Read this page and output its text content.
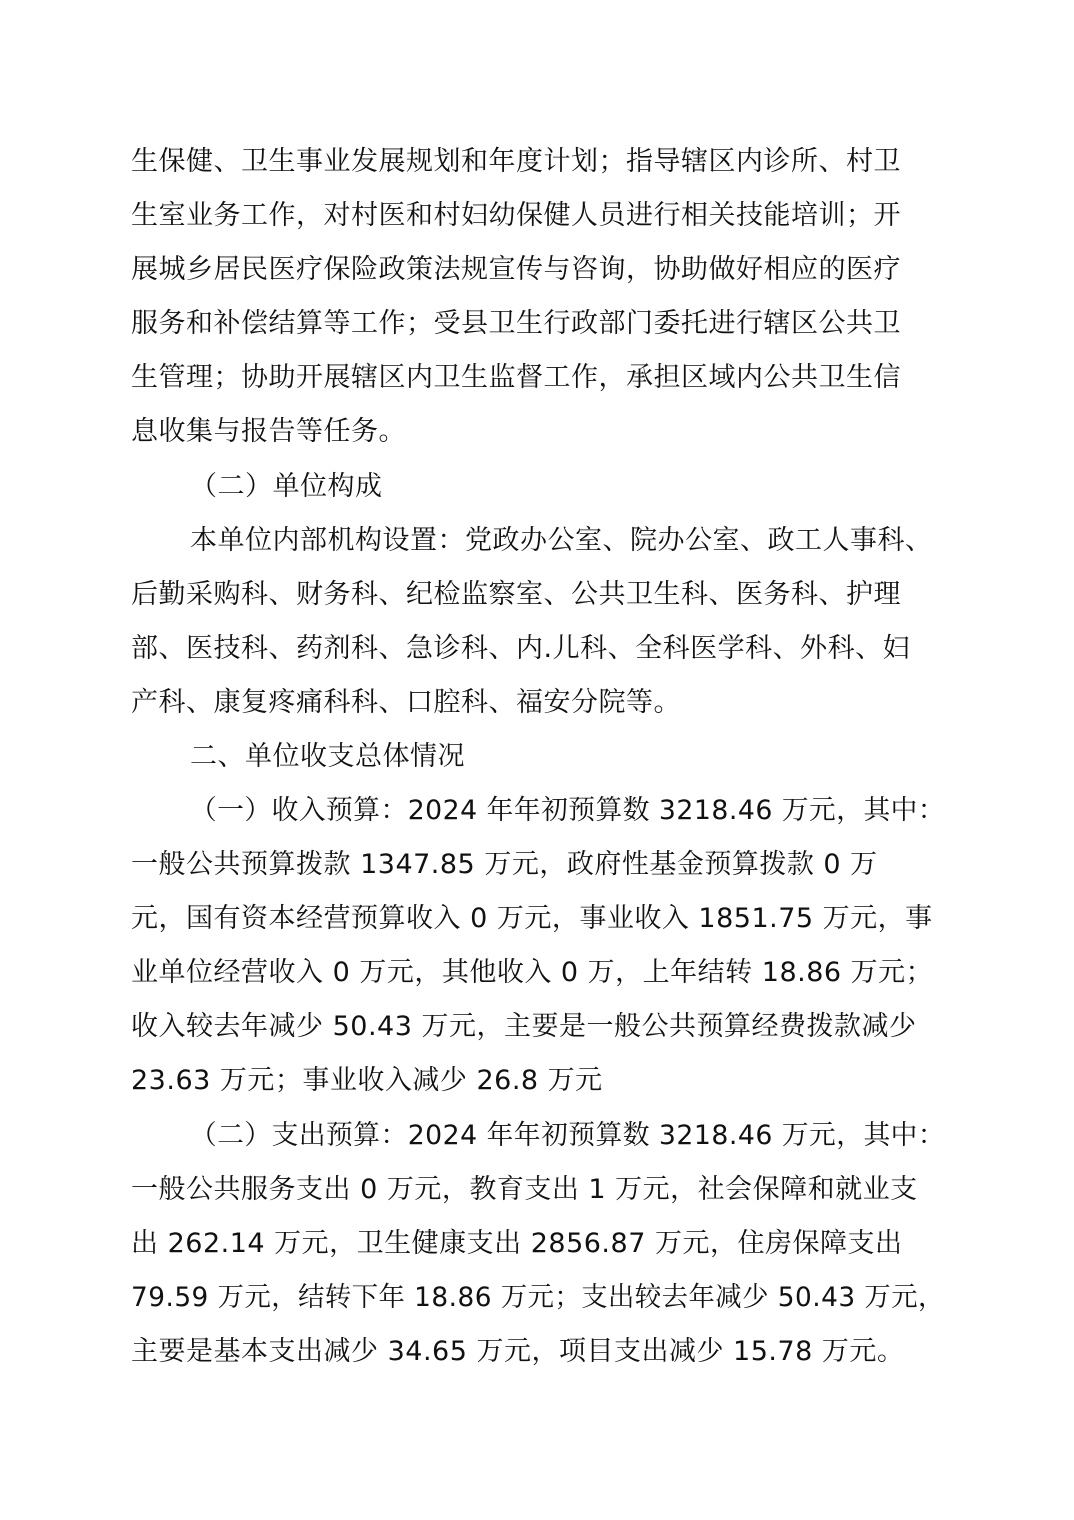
生保健、卫生事业发展规划和年度计划；指导辖区内诊所、村卫

生室业务工作，对村医和村妇幼保健人员进行相关技能培训；开

展城乡居民医疗保险政策法规宣传与咨询，协助做好相应的医疗

服务和补偿结算等工作；受县卫生行政部门委托进行辖区公共卫

生管理；协助开展辖区内卫生监督工作，承担区域内公共卫生信

息收集与报告等任务。

（二）单位构成

本单位内部机构设置：党政办公室、院办公室、政工人事科、

后勤采购科、财务科、纪检监察室、公共卫生科、医务科、护理

部、医技科、药剂科、急诊科、内.儿科、全科医学科、外科、妇

产科、康复疼痛科科、口腔科、福安分院等。

二、单位收支总体情况

（一）收入预算：2024 年年初预算数 3218.46 万元，其中：

一般公共预算拨款 1347.85 万元，政府性基金预算拨款 0 万

元，国有资本经营预算收入 0 万元，事业收入 1851.75 万元，事

业单位经营收入 0 万元，其他收入 0 万，上年结转 18.86 万元；

收入较去年减少 50.43 万元，主要是一般公共预算经费拨款减少

23.63 万元；事业收入减少 26.8 万元

（二）支出预算：2024 年年初预算数 3218.46 万元，其中：

一般公共服务支出 0 万元，教育支出 1 万元，社会保障和就业支

出 262.14 万元，卫生健康支出 2856.87 万元，住房保障支出

79.59 万元，结转下年 18.86 万元；支出较去年减少 50.43 万元，

主要是基本支出减少 34.65 万元，项目支出减少 15.78 万元。
